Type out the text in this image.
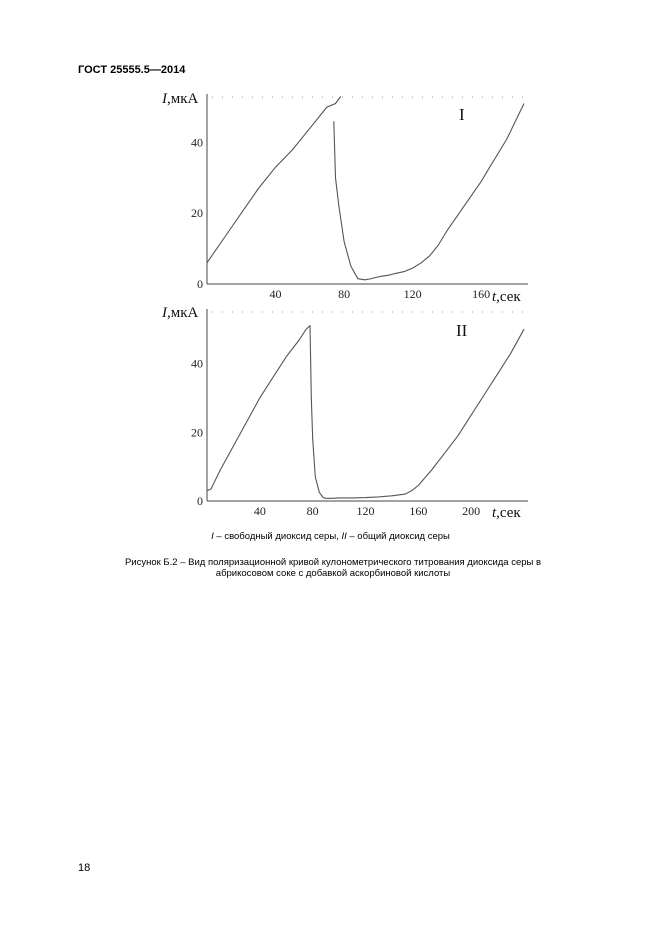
ГОСТ 25555.5—2014
0
20
40
40	80	120	160
I,мкА
t,сек
I
0
20
40
40	80	120	160	200
I,мкА
t,сек
II
I – свободный диоксид серы, II – общий диоксид серы
Рисунок Б.2 – Вид поляризационной кривой кулонометрического титрования диоксида серы в абрикосовом соке с добавкой аскорбиновой кислоты
18
